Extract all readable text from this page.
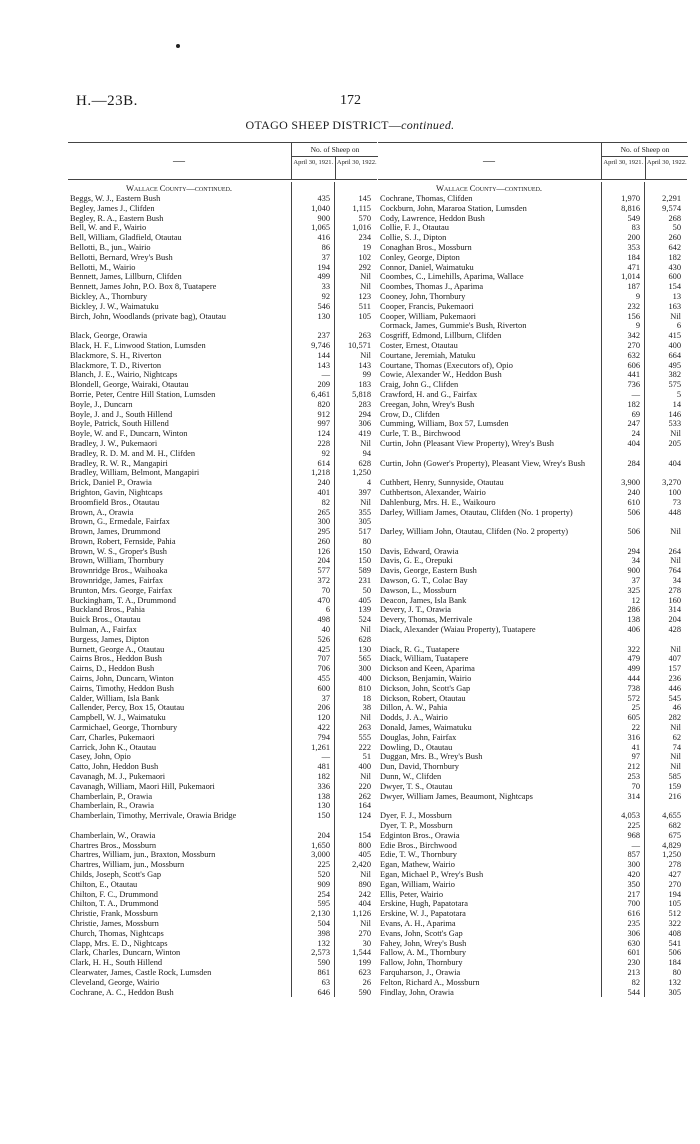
H.—23B.	172
OTAGO SHEEP DISTRICT—continued.
—
No. of Sheep on
April 30, 1921. April 30, 1922.
Wallace County—continued.
Beggs, W. J., Eastern Bush	435	145
Begley, James J., Clifden	1,040	1,115
Begley, R. A., Eastern Bush	900	570
Bell, W. and F., Wairio	1,065	1,016
Bell, William, Gladfield, Otautau	416	234
Bellotti, B., jun., Wairio	86	19
Bellotti, Bernard, Wrey's Bush	37	102
Bellotti, M., Wairio	194	292
Bennett, James, Lillburn, Clifden	499	Nil
Bennett, James John, P.O. Box 8, Tuatapere	33	Nil
Bickley, A., Thornbury	92	123
Bickley, J. W., Waimatuku	546	511
Birch, John, Woodlands (private bag), Otautau	130	105
Black, George, Orawia	237	263
Black, H. F., Linwood Station, Lumsden	9,746	10,571
Blackmore, S. H., Riverton	144	Nil
Blackmore, T. D., Riverton	143	143
Blanch, J. E., Wairio, Nightcaps	—	99
Blondell, George, Wairaki, Otautau	209	183
Borrie, Peter, Centre Hill Station, Lumsden	6,461	5,818
Boyle, J., Duncarn	820	283
Boyle, J. and J., South Hillend	912	294
Boyle, Patrick, South Hillend	997	306
Boyle, W. and F., Duncarn, Winton	124	419
Bradley, J. W., Pukemaori	228	Nil
Bradley, R. D. M. and M. H., Clifden	92	94
Bradley, R. W. R., Mangapiri	614	628
Bradley, William, Belmont, Mangapiri	1,218	1,250
Brick, Daniel P., Orawia	240	4
Brighton, Gavin, Nightcaps	401	397
Broomfield Bros., Otautau	82	Nil
Brown, A., Orawia	265	355
Brown, G., Ermedale, Fairfax	300	305
Brown, James, Drummond	295	517
Brown, Robert, Fernside, Pahia	260	80
Brown, W. S., Groper's Bush	126	150
Brown, William, Thornbury	204	150
Brownridge Bros., Waihoaka	577	589
Brownridge, James, Fairfax	372	231
Brunton, Mrs. George, Fairfax	70	50
Buckingham, T. A., Drummond	470	405
Buckland Bros., Pahia	6	139
Buick Bros., Otautau	498	524
Bulman, A., Fairfax	40	Nil
Burgess, James, Dipton	526	628
Burnett, George A., Otautau	425	130
Cairns Bros., Heddon Bush	707	565
Cairns, D., Heddon Bush	706	300
Cairns, John, Duncarn, Winton	455	400
Cairns, Timothy, Heddon Bush	600	810
Calder, William, Isla Bank	37	18
Callender, Percy, Box 15, Otautau	206	38
Campbell, W. J., Waimatuku	120	Nil
Carmichael, George, Thornbury	422	263
Carr, Charles, Pukemaori	794	555
Carrick, John K., Otautau	1,261	222
Casey, John, Opio	—	51
Catto, John, Heddon Bush	481	400
Cavanagh, M. J., Pukemaori	182	Nil
Cavanagh, William, Maori Hill, Pukemaori	336	220
Chamberlain, P., Orawia	138	262
Chamberlain, R., Orawia	130	164
Chamberlain, Timothy, Merrivale, Orawia Bridge	150	124
Chamberlain, W., Orawia	204	154
Chartres Bros., Mossburn	1,650	800
Chartres, William, jun., Braxton, Mossburn	3,000	405
Chartres, William, jun., Mossburn	225	2,420
Childs, Joseph, Scott's Gap	520	Nil
Chilton, E., Otautau	909	890
Chilton, F. C., Drummond	254	242
Chilton, T. A., Drummond	595	404
Christie, Frank, Mossburn	2,130	1,126
Christie, James, Mossburn	504	Nil
Church, Thomas, Nightcaps	398	270
Clapp, Mrs. E. D., Nightcaps	132	30
Clark, Charles, Duncarn, Winton	2,573	1,544
Clark, H. H., South Hillend	590	199
Clearwater, James, Castle Rock, Lumsden	861	623
Cleveland, George, Wairio	63	26
Cochrane, A. C., Heddon Bush	646	590
—
No. of Sheep on
April 30, 1921. April 30, 1922.
Wallace County—continued.
Cochrane, Thomas, Clifden	1,970	2,291
Cockburn, John, Mararoa Station, Lumsden	8,816	9,574
Cody, Lawrence, Heddon Bush	549	268
Collie, F. J., Otautau	83	50
Collie, S. J., Dipton	200	260
Conaghan Bros., Mossburn	353	642
Conley, George, Dipton	184	182
Connor, Daniel, Waimatuku	471	430
Coombes, C., Limehills, Aparima, Wallace	1,014	600
Coombes, Thomas J., Aparima	187	154
Cooney, John, Thornbury	9	13
Cooper, Francis, Pukemaori	232	163
Cooper, William, Pukemaori	156	Nil
Cormack, James, Gummie's Bush, Riverton	9	6
Cosgriff, Edmond, Lillburn, Clifden	342	415
Coster, Ernest, Otautau	270	400
Courtane, Jeremiah, Matuku	632	664
Courtane, Thomas (Executors of), Opio	606	495
Cowie, Alexander W., Heddon Bush	441	382
Craig, John G., Clifden	736	575
Crawford, H. and G., Fairfax	—	5
Creegan, John, Wrey's Bush	182	14
Crow, D., Clifden	69	146
Cumming, William, Box 57, Lumsden	247	533
Curle, T. B., Birchwood	24	Nil
Curtin, John (Pleasant View Property), Wrey's Bush	404	205
Curtin, John (Gower's Property), Pleasant View, Wrey's Bush	284	404
Cuthbert, Henry, Sunnyside, Otautau	3,900	3,270
Cuthbertson, Alexander, Wairio	240	100
Dahlenburg, Mrs. H. E., Waikouro	610	73
Darley, William James, Otautau, Clifden (No. 1 property)	506	448
Darley, William John, Otautau, Clifden (No. 2 property)	506	Nil
Davis, Edward, Orawia	294	264
Davis, G. E., Orepuki	34	Nil
Davis, George, Eastern Bush	900	764
Dawson, G. T., Colac Bay	37	34
Dawson, L., Mossburn	325	278
Deacon, James, Isla Bank	12	160
Devery, J. T., Orawia	286	314
Devery, Thomas, Merrivale	138	204
Diack, Alexander (Waiau Property), Tuatapere	406	428
Diack, R. G., Tuatapere	322	Nil
Diack, William, Tuatapere	479	407
Dickson and Keen, Aparima	499	157
Dickson, Benjamin, Wairio	444	236
Dickson, John, Scott's Gap	738	446
Dickson, Robert, Otautau	572	545
Dillon, A. W., Pahia	25	46
Dodds, J. A., Wairio	605	282
Donald, James, Waimatuku	22	Nil
Douglas, John, Fairfax	316	62
Dowling, D., Otautau	41	74
Duggan, Mrs. B., Wrey's Bush	97	Nil
Dun, David, Thornbury	212	Nil
Dunn, W., Clifden	253	585
Dwyer, T. S., Otautau	70	159
Dwyer, William James, Beaumont, Nightcaps	314	216
Dyer, F. J., Mossburn	4,053	4,655
Dyer, T. P., Mossburn	225	682
Edginton Bros., Orawia	968	675
Edie Bros., Birchwood	—	4,829
Edie, T. W., Thornbury	857	1,250
Egan, Mathew, Wairio	300	278
Egan, Michael P., Wrey's Bush	420	427
Egan, William, Wairio	350	270
Ellis, Peter, Wairio	217	194
Erskine, Hugh, Papatotara	700	105
Erskine, W. J., Papatotara	616	512
Evans, A. H., Aparima	235	322
Evans, John, Scott's Gap	306	408
Fahey, John, Wrey's Bush	630	541
Fallow, A. M., Thornbury	601	506
Fallow, John, Thornbury	230	184
Farquharson, J., Orawia	213	80
Felton, Richard A., Mossburn	82	132
Findlay, John, Orawia	544	305
